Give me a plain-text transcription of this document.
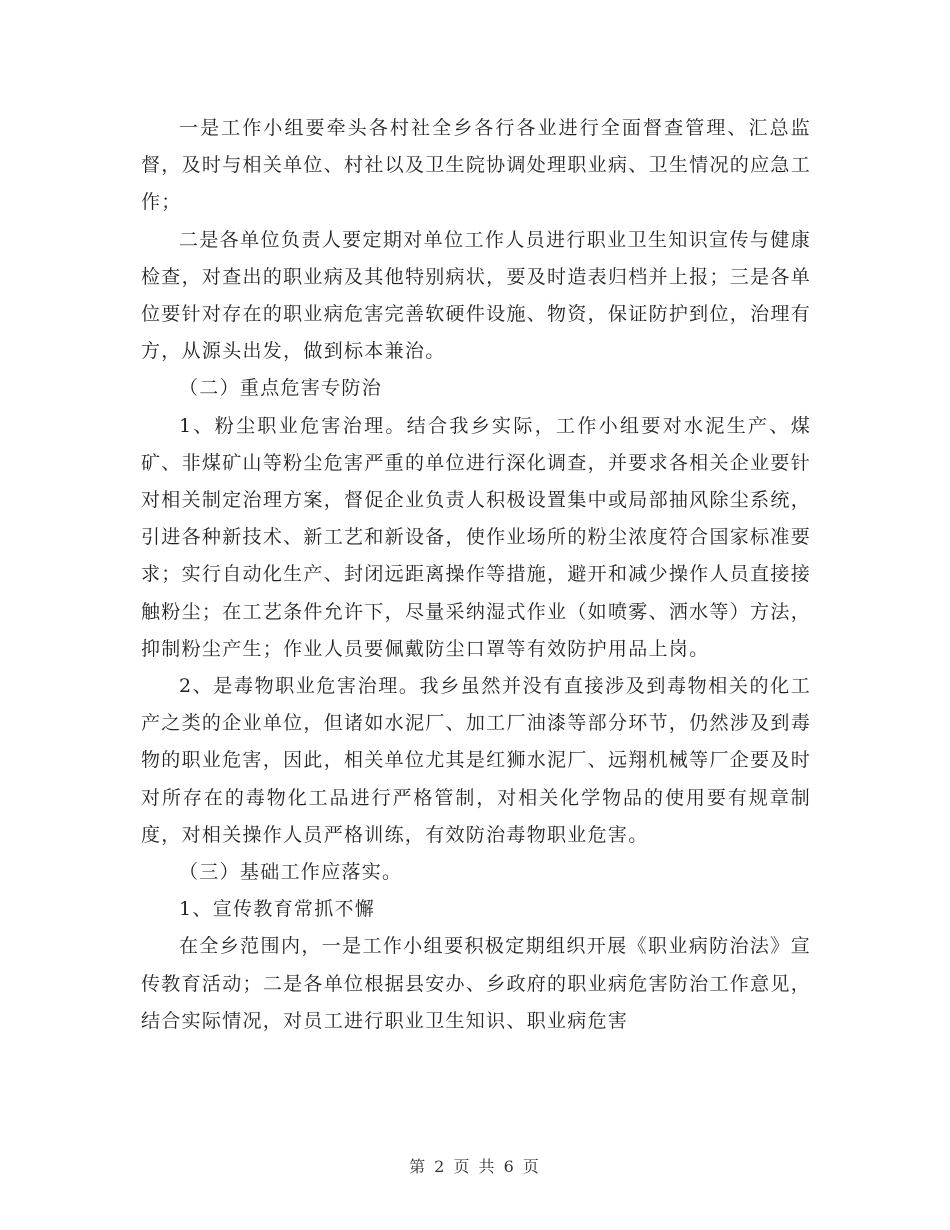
一是工作小组要牵头各村社全乡各行各业进行全面督查管理、汇总监督，及时与相关单位、村社以及卫生院协调处理职业病、卫生情况的应急工作；

二是各单位负责人要定期对单位工作人员进行职业卫生知识宣传与健康检查，对查出的职业病及其他特别病状，要及时造表归档并上报；三是各单位要针对存在的职业病危害完善软硬件设施、物资，保证防护到位，治理有方，从源头出发，做到标本兼治。

（二）重点危害专防治

1、粉尘职业危害治理。结合我乡实际，工作小组要对水泥生产、煤矿、非煤矿山等粉尘危害严重的单位进行深化调查，并要求各相关企业要针对相关制定治理方案，督促企业负责人积极设置集中或局部抽风除尘系统，引进各种新技术、新工艺和新设备，使作业场所的粉尘浓度符合国家标准要求；实行自动化生产、封闭远距离操作等措施，避开和减少操作人员直接接触粉尘；在工艺条件允许下，尽量采纳湿式作业（如喷雾、洒水等）方法，抑制粉尘产生；作业人员要佩戴防尘口罩等有效防护用品上岗。

2、是毒物职业危害治理。我乡虽然并没有直接涉及到毒物相关的化工产之类的企业单位，但诸如水泥厂、加工厂油漆等部分环节，仍然涉及到毒物的职业危害，因此，相关单位尤其是红狮水泥厂、远翔机械等厂企要及时对所存在的毒物化工品进行严格管制，对相关化学物品的使用要有规章制度，对相关操作人员严格训练，有效防治毒物职业危害。

（三）基础工作应落实。

1、宣传教育常抓不懈

在全乡范围内，一是工作小组要积极定期组织开展《职业病防治法》宣传教育活动；二是各单位根据县安办、乡政府的职业病危害防治工作意见，结合实际情况，对员工进行职业卫生知识、职业病危害

第 2 页 共 6 页
